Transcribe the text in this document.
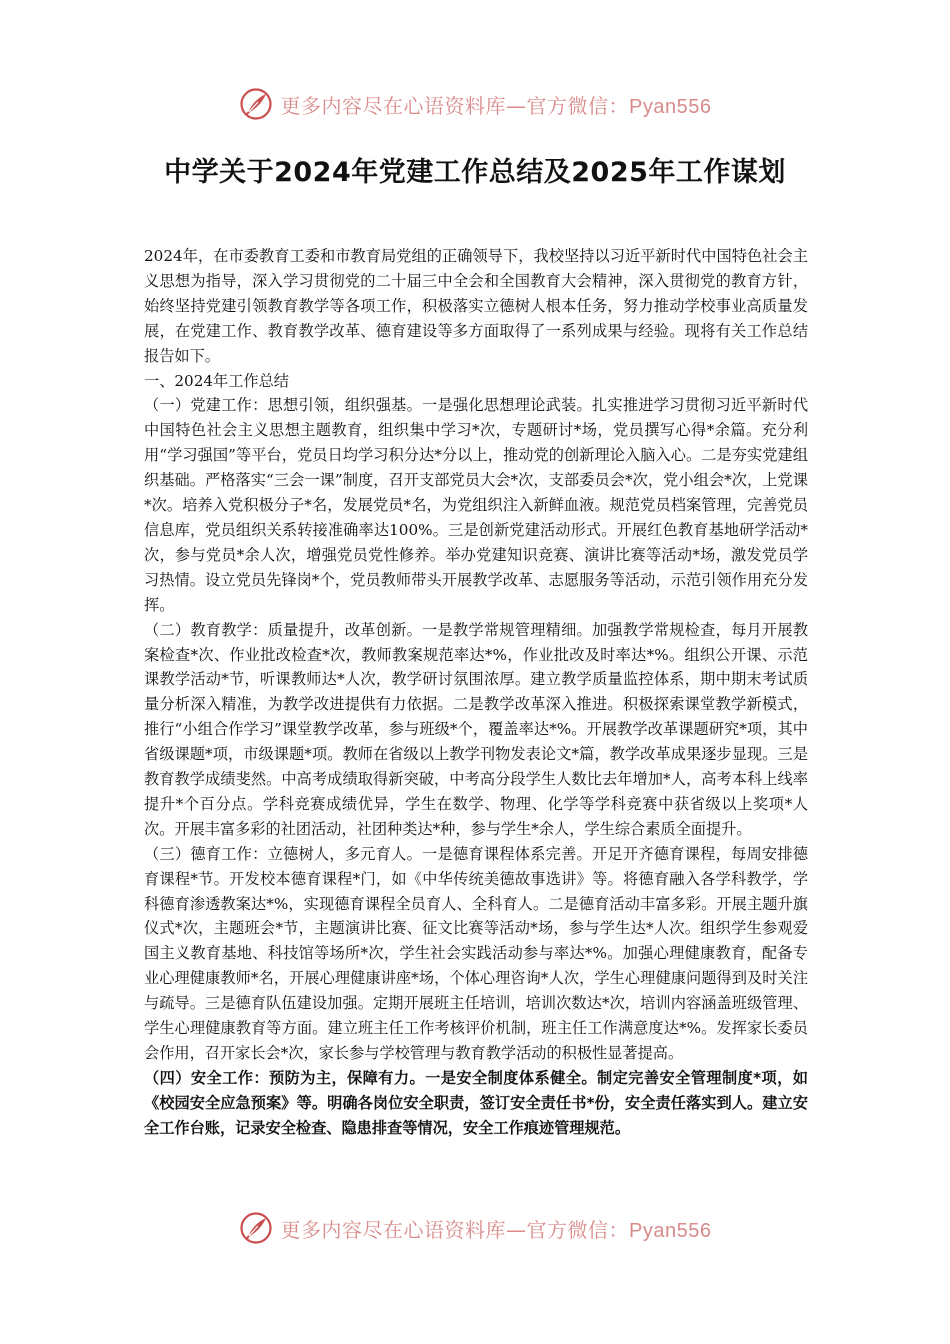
更多内容尽在心语资料库—官方微信：Pyan556
中学关于2024年党建工作总结及2025年工作谋划

2024年，在市委教育工委和市教育局党组的正确领导下，我校坚持以习近平新时代中国特色社会主义思想为指导，深入学习贯彻党的二十届三中全会和全国教育大会精神，深入贯彻党的教育方针，始终坚持党建引领教育教学等各项工作，积极落实立德树人根本任务，努力推动学校事业高质量发展，在党建工作、教育教学改革、德育建设等多方面取得了一系列成果与经验。现将有关工作总结报告如下。

一、2024年工作总结

（一）党建工作：思想引领，组织强基。一是强化思想理论武装。扎实推进学习贯彻习近平新时代中国特色社会主义思想主题教育，组织集中学习*次，专题研讨*场，党员撰写心得*余篇。充分利用“学习强国”等平台，党员日均学习积分达*分以上，推动党的创新理论入脑入心。二是夯实党建组织基础。严格落实“三会一课”制度，召开支部党员大会*次，支部委员会*次，党小组会*次，上党课*次。培养入党积极分子*名，发展党员*名，为党组织注入新鲜血液。规范党员档案管理，完善党员信息库，党员组织关系转接准确率达100%。三是创新党建活动形式。开展红色教育基地研学活动*次，参与党员*余人次，增强党员党性修养。举办党建知识竞赛、演讲比赛等活动*场，激发党员学习热情。设立党员先锋岗*个，党员教师带头开展教学改革、志愿服务等活动，示范引领作用充分发挥。

（二）教育教学：质量提升，改革创新。一是教学常规管理精细。加强教学常规检查，每月开展教案检查*次、作业批改检查*次，教师教案规范率达*%，作业批改及时率达*%。组织公开课、示范课教学活动*节，听课教师达*人次，教学研讨氛围浓厚。建立教学质量监控体系，期中期末考试质量分析深入精准，为教学改进提供有力依据。二是教学改革深入推进。积极探索课堂教学新模式，推行“小组合作学习”课堂教学改革，参与班级*个，覆盖率达*%。开展教学改革课题研究*项，其中省级课题*项，市级课题*项。教师在省级以上教学刊物发表论文*篇，教学改革成果逐步显现。三是教育教学成绩斐然。中高考成绩取得新突破，中考高分段学生人数比去年增加*人，高考本科上线率提升*个百分点。学科竞赛成绩优异，学生在数学、物理、化学等学科竞赛中获省级以上奖项*人次。开展丰富多彩的社团活动，社团种类达*种，参与学生*余人，学生综合素质全面提升。

（三）德育工作：立德树人，多元育人。一是德育课程体系完善。开足开齐德育课程，每周安排德育课程*节。开发校本德育课程*门，如《中华传统美德故事选讲》等。将德育融入各学科教学，学科德育渗透教案达*%，实现德育课程全员育人、全科育人。二是德育活动丰富多彩。开展主题升旗仪式*次，主题班会*节，主题演讲比赛、征文比赛等活动*场，参与学生达*人次。组织学生参观爱国主义教育基地、科技馆等场所*次，学生社会实践活动参与率达*%。加强心理健康教育，配备专业心理健康教师*名，开展心理健康讲座*场，个体心理咨询*人次，学生心理健康问题得到及时关注与疏导。三是德育队伍建设加强。定期开展班主任培训，培训次数达*次，培训内容涵盖班级管理、学生心理健康教育等方面。建立班主任工作考核评价机制，班主任工作满意度达*%。发挥家长委员会作用，召开家长会*次，家长参与学校管理与教育教学活动的积极性显著提高。

（四）安全工作：预防为主，保障有力。一是安全制度体系健全。制定完善安全管理制度*项，如《校园安全应急预案》等。明确各岗位安全职责，签订安全责任书*份，安全责任落实到人。建立安全工作台账，记录安全检查、隐患排查等情况，安全工作痕迹管理规范。

更多内容尽在心语资料库—官方微信：Pyan556
